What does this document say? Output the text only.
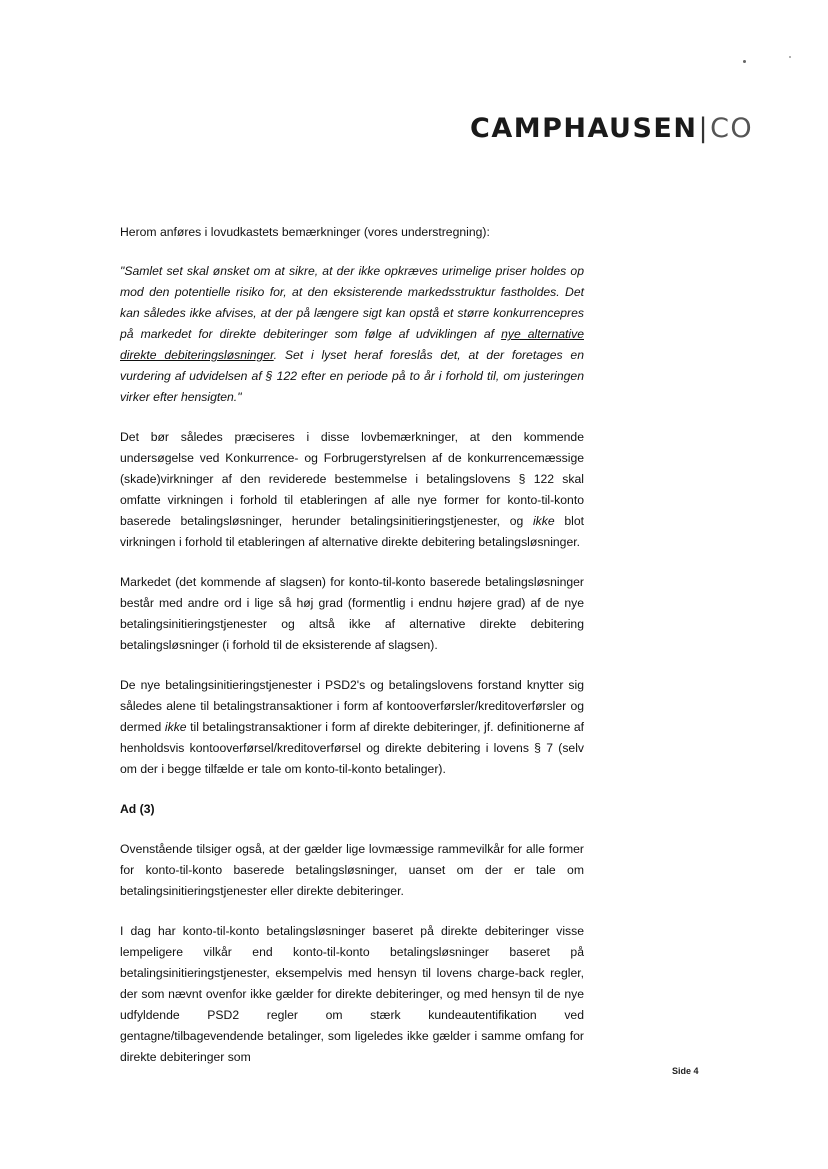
CAMPHAUSEN|CO

Herom anføres i lovudkastets bemærkninger (vores understregning):

"Samlet set skal ønsket om at sikre, at der ikke opkræves urimelige priser holdes op mod den potentielle risiko for, at den eksisterende markedsstruktur fastholdes. Det kan således ikke afvises, at der på længere sigt kan opstå et større konkurrencepres på markedet for direkte debiteringer som følge af udviklingen af nye alternative direkte debiteringsløsninger. Set i lyset heraf foreslås det, at der foretages en vurdering af udvidelsen af § 122 efter en periode på to år i forhold til, om justeringen virker efter hensigten."

Det bør således præciseres i disse lovbemærkninger, at den kommende undersøgelse ved Konkurrence- og Forbrugerstyrelsen af de konkurrencemæssige (skade)virkninger af den reviderede bestemmelse i betalingslovens § 122 skal omfatte virkningen i forhold til etableringen af alle nye former for konto-til-konto baserede betalingsløsninger, herunder betalingsinitieringstjenester, og ikke blot virkningen i forhold til etableringen af alternative direkte debitering betalingsløsninger.

Markedet (det kommende af slagsen) for konto-til-konto baserede betalingsløsninger består med andre ord i lige så høj grad (formentlig i endnu højere grad) af de nye betalingsinitieringstjenester og altså ikke af alternative direkte debitering betalingsløsninger (i forhold til de eksisterende af slagsen).

De nye betalingsinitieringstjenester i PSD2's og betalingslovens forstand knytter sig således alene til betalingstransaktioner i form af kontooverførsler/kreditoverførsler og dermed ikke til betalingstransaktioner i form af direkte debiteringer, jf. definitionerne af henholdsvis kontooverførsel/kreditoverførsel og direkte debitering i lovens § 7 (selv om der i begge tilfælde er tale om konto-til-konto betalinger).

Ad (3)

Ovenstående tilsiger også, at der gælder lige lovmæssige rammevilkår for alle former for konto-til-konto baserede betalingsløsninger, uanset om der er tale om betalingsinitieringstjenester eller direkte debiteringer.

I dag har konto-til-konto betalingsløsninger baseret på direkte debiteringer visse lempeligere vilkår end konto-til-konto betalingsløsninger baseret på betalingsinitieringstjenester, eksempelvis med hensyn til lovens charge-back regler, der som nævnt ovenfor ikke gælder for direkte debiteringer, og med hensyn til de nye udfyldende PSD2 regler om stærk kundeautentifikation ved gentagne/tilbagevendende betalinger, som ligeledes ikke gælder i samme omfang for direkte debiteringer som

Side 4
